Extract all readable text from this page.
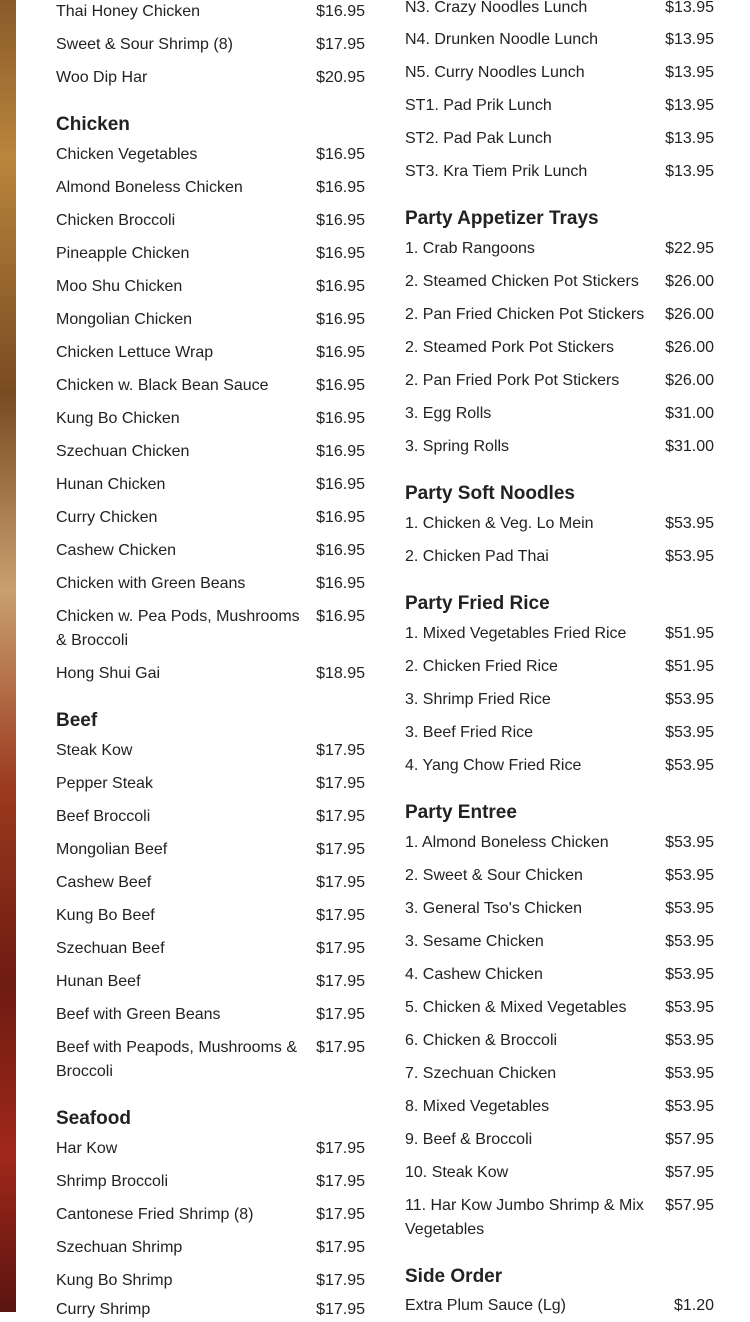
Thai Honey Chicken	$16.95
Sweet & Sour Shrimp (8)	$17.95
Woo Dip Har	$20.95
Chicken
Chicken Vegetables	$16.95
Almond Boneless Chicken	$16.95
Chicken Broccoli	$16.95
Pineapple Chicken	$16.95
Moo Shu Chicken	$16.95
Mongolian Chicken	$16.95
Chicken Lettuce Wrap	$16.95
Chicken w. Black Bean Sauce	$16.95
Kung Bo Chicken	$16.95
Szechuan Chicken	$16.95
Hunan Chicken	$16.95
Curry Chicken	$16.95
Cashew Chicken	$16.95
Chicken with Green Beans	$16.95
Chicken w. Pea Pods, Mushrooms & Broccoli
$16.95
Hong Shui Gai	$18.95
Beef
Steak Kow	$17.95
Pepper Steak	$17.95
Beef Broccoli	$17.95
Mongolian Beef	$17.95
Cashew Beef	$17.95
Kung Bo Beef	$17.95
Szechuan Beef	$17.95
Hunan Beef	$17.95
Beef with Green Beans	$17.95
Beef with Peapods, Mushrooms & Broccoli
$17.95
Seafood
Har Kow	$17.95
Shrimp Broccoli	$17.95
Cantonese Fried Shrimp (8)	$17.95
Szechuan Shrimp	$17.95
Kung Bo Shrimp	$17.95
Curry Shrimp	$17.95
N3. Crazy Noodles Lunch	$13.95
N4. Drunken Noodle Lunch	$13.95
N5. Curry Noodles Lunch	$13.95
ST1. Pad Prik Lunch	$13.95
ST2. Pad Pak Lunch	$13.95
ST3. Kra Tiem Prik Lunch	$13.95
Party Appetizer Trays
1. Crab Rangoons	$22.95
2. Steamed Chicken Pot Stickers	$26.00
2. Pan Fried Chicken Pot Stickers	$26.00
2. Steamed Pork Pot Stickers	$26.00
2. Pan Fried Pork Pot Stickers	$26.00
3. Egg Rolls	$31.00
3. Spring Rolls	$31.00
Party Soft Noodles
1. Chicken & Veg. Lo Mein	$53.95
2. Chicken Pad Thai	$53.95
Party Fried Rice
1. Mixed Vegetables Fried Rice	$51.95
2. Chicken Fried Rice	$51.95
3. Shrimp Fried Rice	$53.95
3. Beef Fried Rice	$53.95
4. Yang Chow Fried Rice	$53.95
Party Entree
1. Almond Boneless Chicken	$53.95
2. Sweet & Sour Chicken	$53.95
3. General Tso's Chicken	$53.95
3. Sesame Chicken	$53.95
4. Cashew Chicken	$53.95
5. Chicken & Mixed Vegetables	$53.95
6. Chicken & Broccoli	$53.95
7. Szechuan Chicken	$53.95
8. Mixed Vegetables	$53.95
9. Beef & Broccoli	$57.95
10. Steak Kow	$57.95
11. Har Kow Jumbo Shrimp & Mix Vegetables
$57.95
Side Order
Extra Plum Sauce (Lg)	$1.20
